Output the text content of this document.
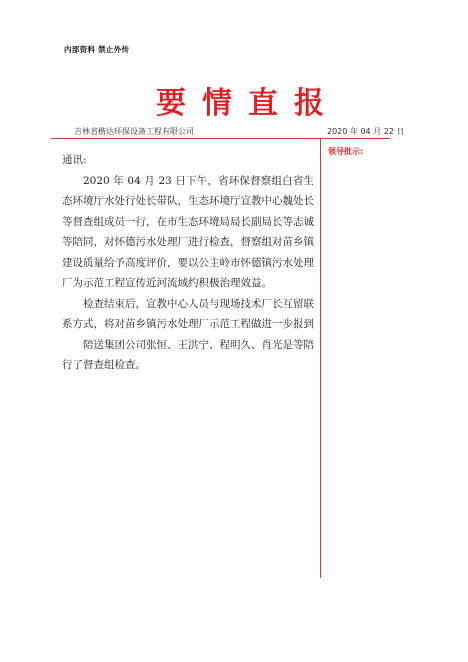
内部资料 禁止外传
要情直报
吉林省楷达环保设备工程有限公司	2020 年 04 月 22 日
领导批示:

通讯:

2020 年 04 月 23 日下午，省环保督察组白省生态环境厅水处行处长带队，生态环境厅宣教中心魏处长等督查组成员一行，在市生态环境局局长副局长等志诚等陪同，对怀德污水处理厂进行检查，督察组对苗乡镇建设质量给予高度评价，要以公主岭市怀德镇污水处理厂为示范工程宣传近河流域约积极治理效益。

检查结束后，宣教中心人员与现场技术厂长互留联系方式，将对苗乡镇污水处理厂示范工程做进一步报到

陪送集团公司张恒、王洪宁、程明久、肖光是等陪行了督查组检查。
